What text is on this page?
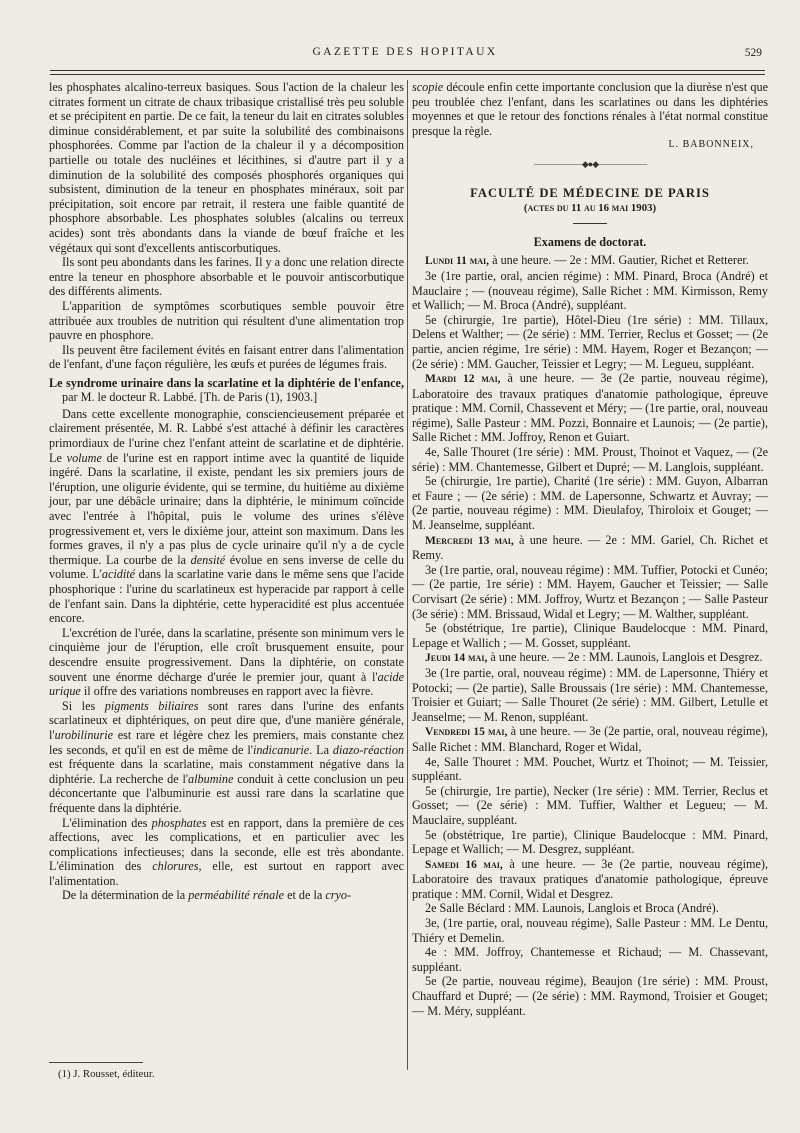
GAZETTE DES HOPITAUX	529

les phosphates alcalino-terreux basiques. Sous l'action de la chaleur les citrates forment un citrate de chaux tribasique cristallisé très peu soluble et se précipitent en partie. De ce fait, la teneur du lait en citrates solubles diminue considérablement, et par suite la solubilité des combinaisons phosphorées. Comme par l'action de la chaleur il y a décomposition partielle ou totale des nucléines et lécithines, si d'autre part il y a diminution de la solubilité des composés phosphorés organiques qui subsistent, diminution de la teneur en phosphates minéraux, soit par précipitation, soit encore par retrait, il restera une faible quantité de phosphore absorbable. Les phosphates solubles (alcalins ou terreux acides) sont très abondants dans la viande de bœuf fraîche et les végétaux qui sont d'excellents antiscorbutiques.

Ils sont peu abondants dans les farines. Il y a donc une relation directe entre la teneur en phosphore absorbable et le pouvoir antiscorbutique des différents aliments.

L'apparition de symptômes scorbutiques semble pouvoir être attribuée aux troubles de nutrition qui résultent d'une alimentation trop pauvre en phosphore.

Ils peuvent être facilement évités en faisant entrer dans l'alimentation de l'enfant, d'une façon régulière, les œufs et purées de légumes frais.

Le syndrome urinaire dans la scarlatine et la diphtérie de l'enfance, par M. le docteur R. Labbé. [Th. de Paris (1), 1903.]

Dans cette excellente monographie, consciencieusement préparée et clairement présentée, M. R. Labbé s'est attaché à définir les caractères primordiaux de l'urine chez l'enfant atteint de scarlatine et de diphtérie. Le volume de l'urine est en rapport intime avec la quantité de liquide ingéré. Dans la scarlatine, il existe, pendant les six premiers jours de l'éruption, une oligurie évidente, qui se termine, du huitième au dixième jour, par une débâcle urinaire; dans la diphtérie, le minimum coïncide avec l'entrée à l'hôpital, puis le volume des urines s'élève progressivement et, vers le dixième jour, atteint son maximum. Dans les formes graves, il n'y a pas plus de cycle urinaire qu'il n'y a de cycle thermique. La courbe de la densité évolue en sens inverse de celle du volume. L'acidité dans la scarlatine varie dans le même sens que l'acide phosphorique : l'urine du scarlatineux est hyperacide par rapport à celle de l'enfant sain. Dans la diphtérie, cette hyperacidité est plus accentuée encore.

L'excrétion de l'urée, dans la scarlatine, présente son minimum vers le cinquième jour de l'éruption, elle croît brusquement ensuite, pour descendre ensuite progressivement. Dans la diphtérie, on constate souvent une énorme décharge d'urée le premier jour, quant à l'acide urique il offre des variations nombreuses en rapport avec la fièvre.

Si les pigments biliaires sont rares dans l'urine des enfants scarlatineux et diphtériques, on peut dire que, d'une manière générale, l'urobilinurie est rare et légère chez les premiers, mais constante chez les seconds, et qu'il en est de même de l'indicanurie. La diazo-réaction est fréquente dans la scarlatine, mais constamment négative dans la diphtérie. La recherche de l'albumine conduit à cette conclusion un peu déconcertante que l'albuminurie est aussi rare dans la scarlatine que fréquente dans la diphtérie.

L'élimination des phosphates est en rapport, dans la première de ces affections, avec les complications, et en particulier avec les complications infectieuses; dans la seconde, elle est très abondante. L'élimination des chlorures, elle, est surtout en rapport avec l'alimentation.

De la détermination de la perméabilité rénale et de la cryo-

(1) J. Rousset, éditeur.

scopie découle enfin cette importante conclusion que la diurèse n'est que peu troublée chez l'enfant, dans les scarlatines ou dans les diphtéries moyennes et que le retour des fonctions rénales à l'état normal constitue presque la règle.

L. BABONNEIX,
——————◆●◆——————
FACULTÉ DE MÉDECINE DE PARIS
(actes du 11 au 16 mai 1903)
Examens de doctorat.

Lundi 11 mai, à une heure. — 2e : MM. Gautier, Richet et Retterer.

3e (1re partie, oral, ancien régime) : MM. Pinard, Broca (André) et Mauclaire ; — (nouveau régime), Salle Richet : MM. Kirmisson, Remy et Wallich; — M. Broca (André), suppléant.

5e (chirurgie, 1re partie), Hôtel-Dieu (1re série) : MM. Tillaux, Delens et Walther; — (2e série) : MM. Terrier, Reclus et Gosset; — (2e partie, ancien régime, 1re série) : MM. Hayem, Roger et Bezançon; — (2e série) : MM. Gaucher, Teissier et Legry; — M. Legueu, suppléant.

Mardi 12 mai, à une heure. — 3e (2e partie, nouveau régime), Laboratoire des travaux pratiques d'anatomie pathologique, épreuve pratique : MM. Cornil, Chassevent et Méry; — (1re partie, oral, nouveau régime), Salle Pasteur : MM. Pozzi, Bonnaire et Launois; — (2e partie), Salle Richet : MM. Joffroy, Renon et Guiart.

4e, Salle Thouret (1re série) : MM. Proust, Thoinot et Vaquez, — (2e série) : MM. Chantemesse, Gilbert et Dupré; — M. Langlois, suppléant.

5e (chirurgie, 1re partie), Charité (1re série) : MM. Guyon, Albarran et Faure ; — (2e série) : MM. de Lapersonne, Schwartz et Auvray; — (2e partie, nouveau régime) : MM. Dieulafoy, Thiroloix et Gouget; — M. Jeanselme, suppléant.

Mercredi 13 mai, à une heure. — 2e : MM. Gariel, Ch. Richet et Remy.

3e (1re partie, oral, nouveau régime) : MM. Tuffier, Potocki et Cunéo; — (2e partie, 1re série) : MM. Hayem, Gaucher et Teissier; — Salle Corvisart (2e série) : MM. Joffroy, Wurtz et Bezançon ; — Salle Pasteur (3e série) : MM. Brissaud, Widal et Legry; — M. Walther, suppléant.

5e (obstétrique, 1re partie), Clinique Baudelocque : MM. Pinard, Lepage et Wallich ; — M. Gosset, suppléant.

Jeudi 14 mai, à une heure. — 2e : MM. Launois, Langlois et Desgrez.

3e (1re partie, oral, nouveau régime) : MM. de Lapersonne, Thiéry et Potocki; — (2e partie), Salle Broussais (1re série) : MM. Chantemesse, Troisier et Guiart; — Salle Thouret (2e série) : MM. Gilbert, Letulle et Jeanselme; — M. Renon, suppléant.

Vendredi 15 mai, à une heure. — 3e (2e partie, oral, nouveau régime), Salle Richet : MM. Blanchard, Roger et Widal,

4e, Salle Thouret : MM. Pouchet, Wurtz et Thoinot; — M. Teissier, suppléant.

5e (chirurgie, 1re partie), Necker (1re série) : MM. Terrier, Reclus et Gosset; — (2e série) : MM. Tuffier, Walther et Legueu; — M. Mauclaire, suppléant.

5e (obstétrique, 1re partie), Clinique Baudelocque : MM. Pinard, Lepage et Wallich; — M. Desgrez, suppléant.

Samedi 16 mai, à une heure. — 3e (2e partie, nouveau régime), Laboratoire des travaux pratiques d'anatomie pathologique, épreuve pratique : MM. Cornil, Widal et Desgrez.

2e Salle Béclard : MM. Launois, Langlois et Broca (André).

3e, (1re partie, oral, nouveau régime), Salle Pasteur : MM. Le Dentu, Thiéry et Demelin.

4e : MM. Joffroy, Chantemesse et Richaud; — M. Chassevant, suppléant.

5e (2e partie, nouveau régime), Beaujon (1re série) : MM. Proust, Chauffard et Dupré; — (2e série) : MM. Raymond, Troisier et Gouget; — M. Méry, suppléant.
